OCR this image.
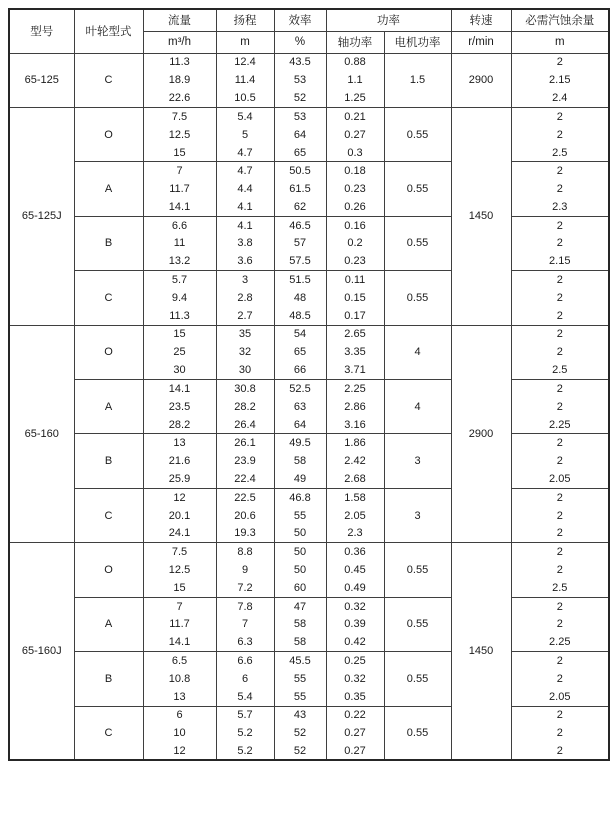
型号	叶轮型式	流量	扬程	效率	功率		转速	必需汽蚀余量
		m³/h	m	%	轴功率	电机功率	r/min	m
65-125	C	11.3	12.4	43.5	0.88	1.5	2900	2
		18.9	11.4	53	1.1			2.15
		22.6	10.5	52	1.25			2.4
65-125J	O	7.5	5.4	53	0.21	0.55	1450	2
		12.5	5	64	0.27			2
		15	4.7	65	0.3			2.5
	A	7	4.7	50.5	0.18	0.55		2
		11.7	4.4	61.5	0.23			2
		14.1	4.1	62	0.26			2.3
	B	6.6	4.1	46.5	0.16	0.55		2
		11	3.8	57	0.2			2
		13.2	3.6	57.5	0.23			2.15
	C	5.7	3	51.5	0.11	0.55		2
		9.4	2.8	48	0.15			2
		11.3	2.7	48.5	0.17			2
65-160	O	15	35	54	2.65	4	2900	2
		25	32	65	3.35			2
		30	30	66	3.71			2.5
	A	14.1	30.8	52.5	2.25	4		2
		23.5	28.2	63	2.86			2
		28.2	26.4	64	3.16			2.25
	B	13	26.1	49.5	1.86	3		2
		21.6	23.9	58	2.42			2
		25.9	22.4	49	2.68			2.05
	C	12	22.5	46.8	1.58	3		2
		20.1	20.6	55	2.05			2
		24.1	19.3	50	2.3			2
65-160J	O	7.5	8.8	50	0.36	0.55	1450	2
		12.5	9	50	0.45			2
		15	7.2	60	0.49			2.5
	A	7	7.8	47	0.32	0.55		2
		11.7	7	58	0.39			2
		14.1	6.3	58	0.42			2.25
	B	6.5	6.6	45.5	0.25	0.55		2
		10.8	6	55	0.32			2
		13	5.4	55	0.35			2.05
	C	6	5.7	43	0.22	0.55		2
		10	5.2	52	0.27			2
		12	5.2	52	0.27			2
